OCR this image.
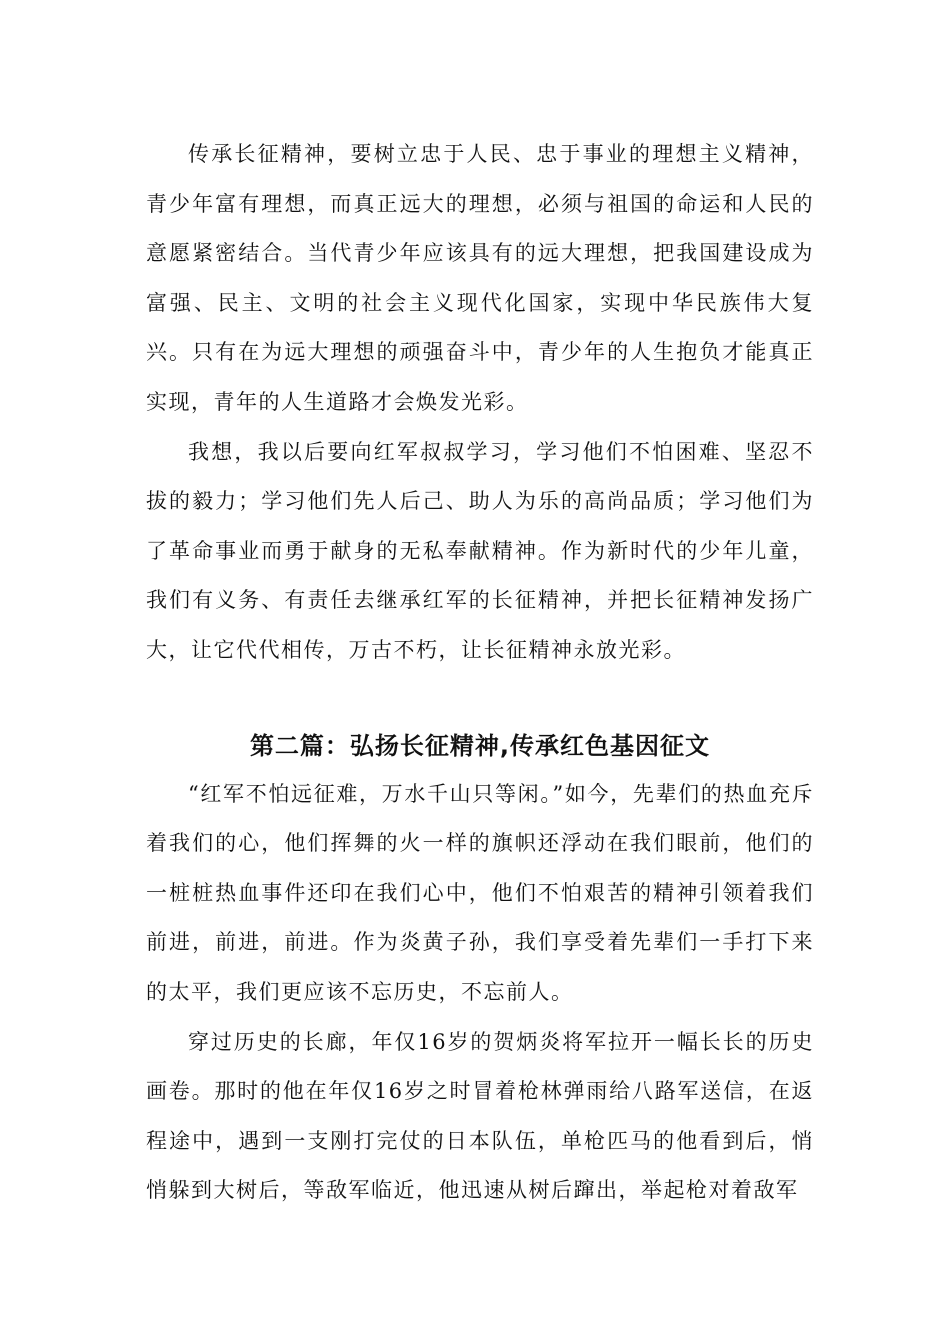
传承长征精神，要树立忠于人民、忠于事业的理想主义精神，青少年富有理想，而真正远大的理想，必须与祖国的命运和人民的意愿紧密结合。当代青少年应该具有的远大理想，把我国建设成为富强、民主、文明的社会主义现代化国家，实现中华民族伟大复兴。只有在为远大理想的顽强奋斗中，青少年的人生抱负才能真正实现，青年的人生道路才会焕发光彩。

我想，我以后要向红军叔叔学习，学习他们不怕困难、坚忍不拔的毅力；学习他们先人后己、助人为乐的高尚品质；学习他们为了革命事业而勇于献身的无私奉献精神。作为新时代的少年儿童，我们有义务、有责任去继承红军的长征精神，并把长征精神发扬广大，让它代代相传，万古不朽，让长征精神永放光彩。

第二篇：弘扬长征精神,传承红色基因征文

“红军不怕远征难，万水千山只等闲。”如今，先辈们的热血充斥着我们的心，他们挥舞的火一样的旗帜还浮动在我们眼前，他们的一桩桩热血事件还印在我们心中，他们不怕艰苦的精神引领着我们前进，前进，前进。作为炎黄子孙，我们享受着先辈们一手打下来的太平，我们更应该不忘历史，不忘前人。

穿过历史的长廊，年仅16岁的贺炳炎将军拉开一幅长长的历史画卷。那时的他在年仅16岁之时冒着枪林弹雨给八路军送信，在返程途中，遇到一支刚打完仗的日本队伍，单枪匹马的他看到后，悄悄躲到大树后，等敌军临近，他迅速从树后蹿出，举起枪对着敌军
